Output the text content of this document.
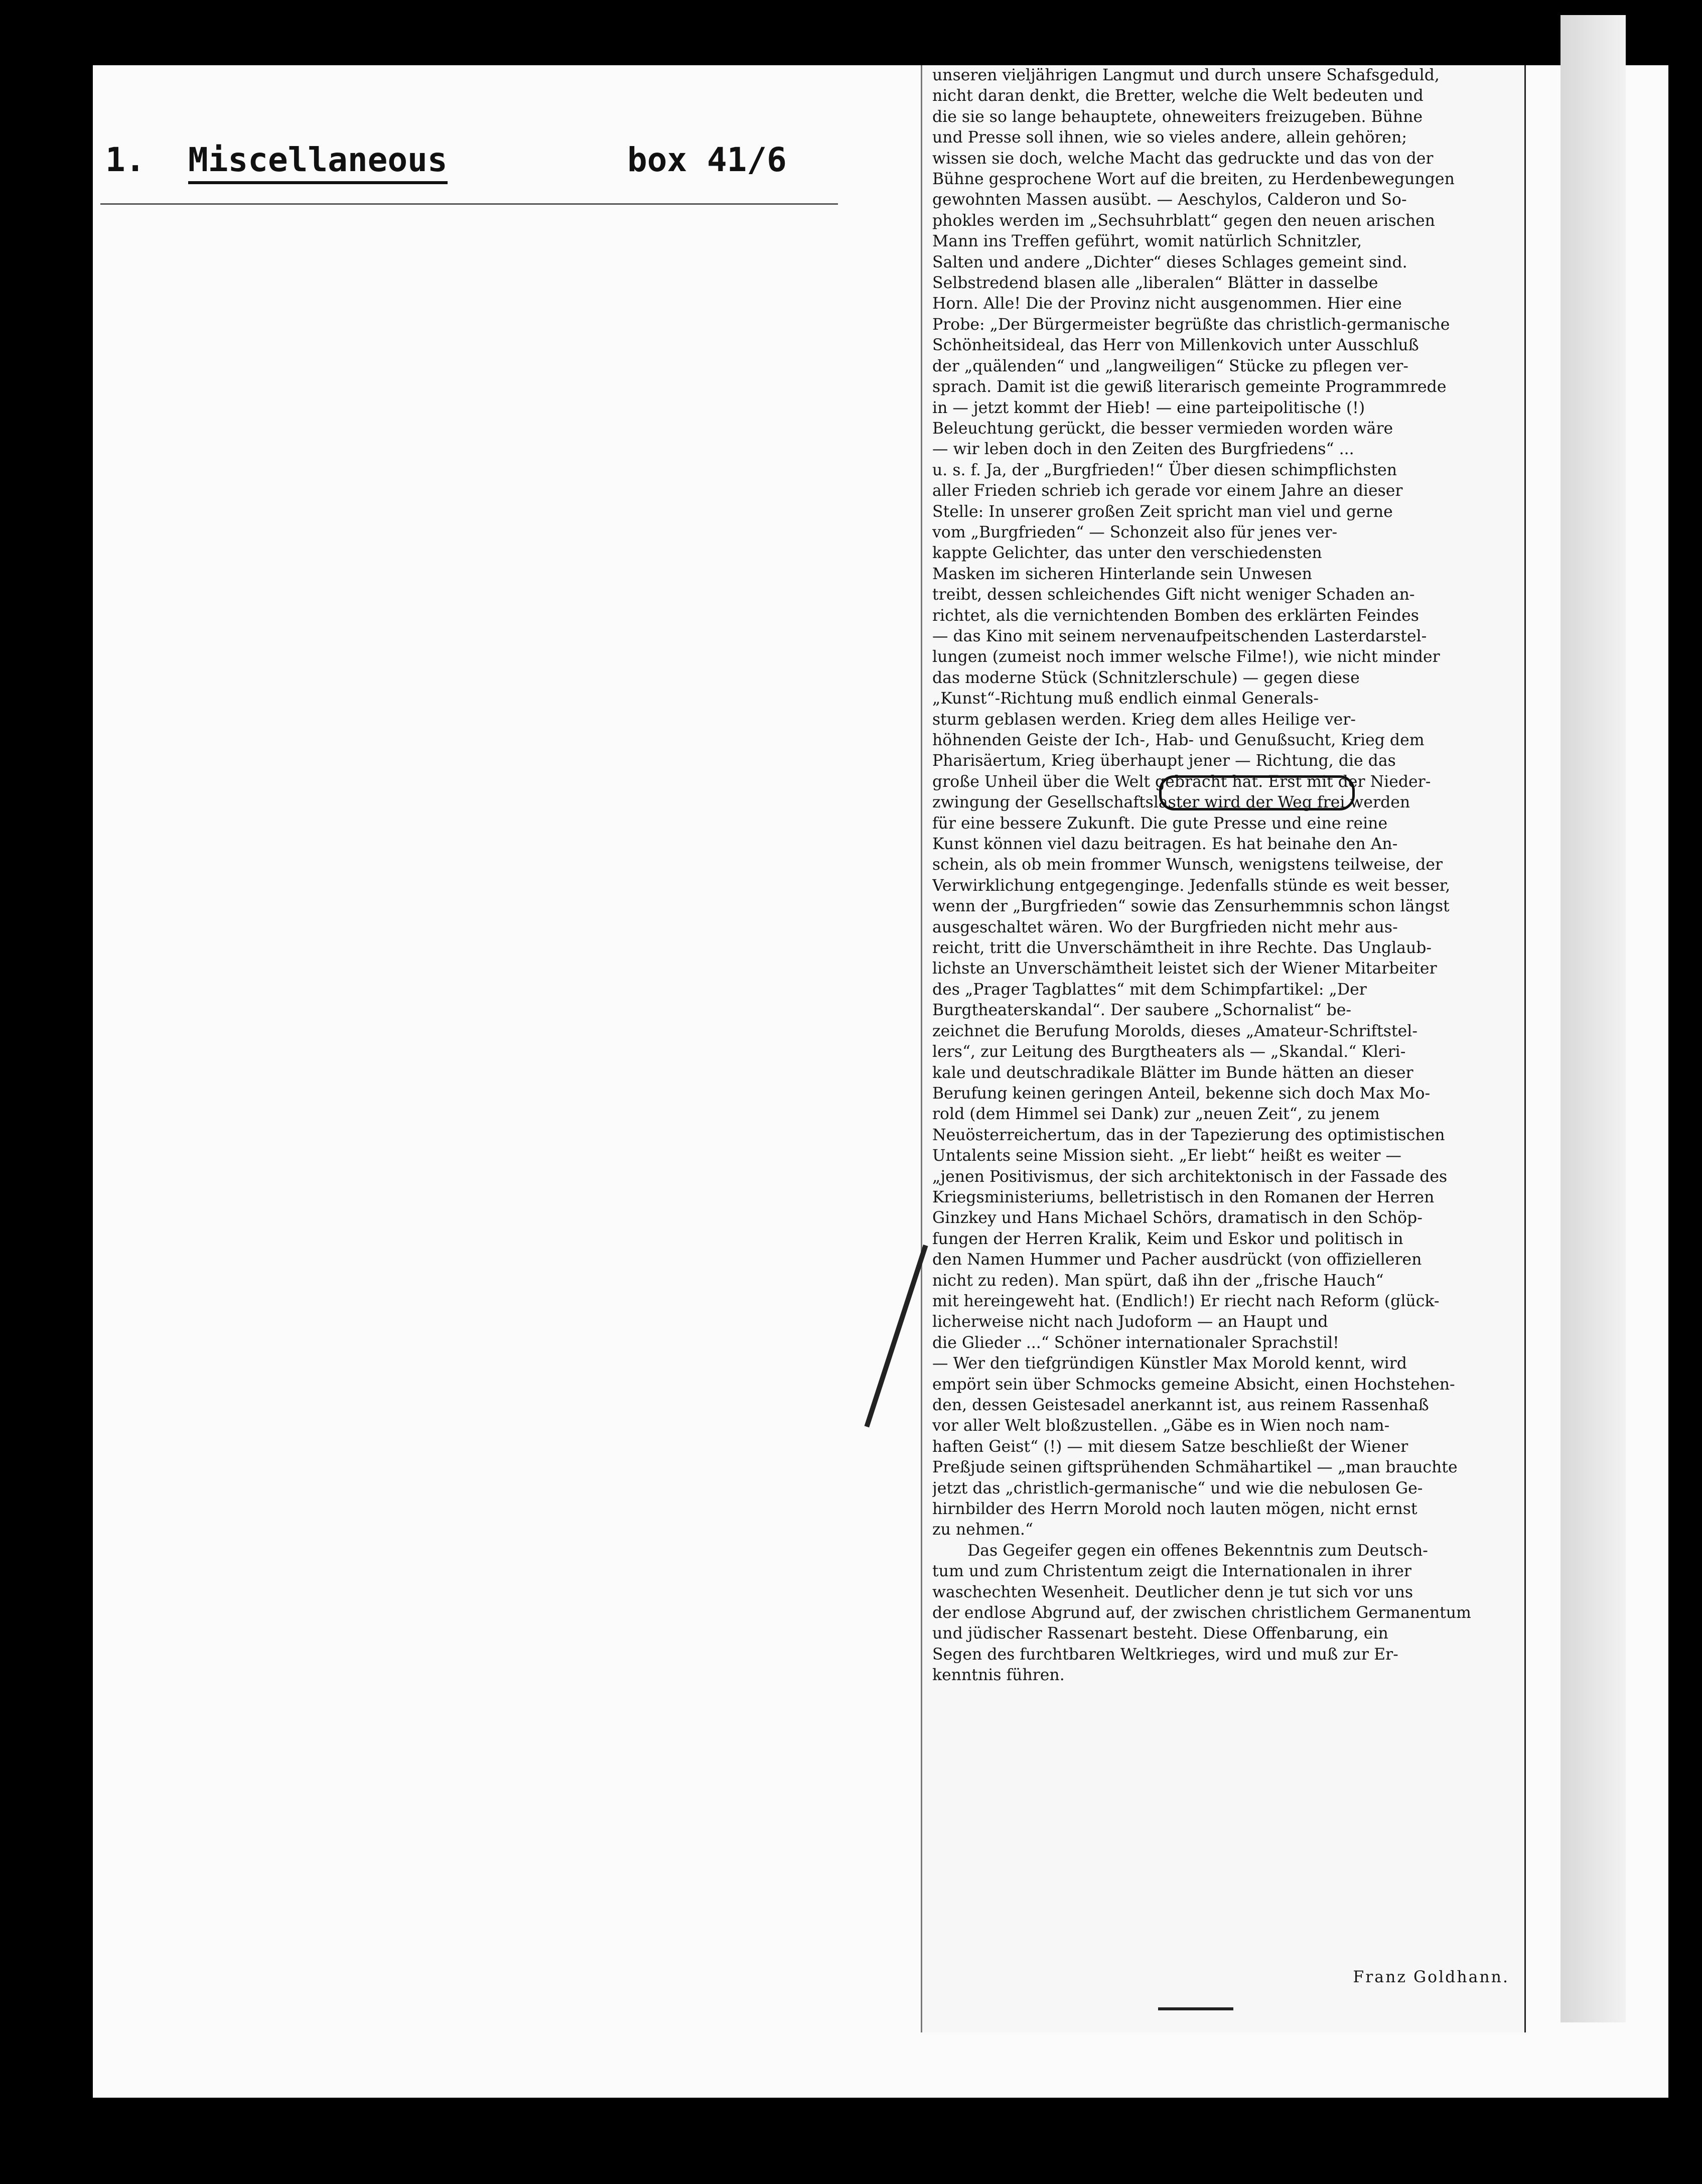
1.

Miscellaneous

	box 41/6

unseren vieljährigen Langmut und durch unsere Schafsgeduld,
nicht daran denkt, die Bretter, welche die Welt bedeuten und
die sie so lange behauptete, ohneweiters freizugeben. Bühne
und Presse soll ihnen, wie so vieles andere, allein gehören;
wissen sie doch, welche Macht das gedruckte und das von der
Bühne gesprochene Wort auf die breiten, zu Herdenbewegungen
gewohnten Massen ausübt. — Aeschylos, Calderon und So-
phokles werden im „Sechsuhrblatt“ gegen den neuen arischen
Mann ins Treffen geführt, womit natürlich Schnitzler,
Salten und andere „Dichter“ dieses Schlages gemeint sind.
Selbstredend blasen alle „liberalen“ Blätter in dasselbe
Horn. Alle! Die der Provinz nicht ausgenommen. Hier eine
Probe: „Der Bürgermeister begrüßte das christlich-germanische
Schönheitsideal, das Herr von Millenkovich unter Ausschluß
der „quälenden“ und „langweiligen“ Stücke zu pflegen ver-
sprach. Damit ist die gewiß literarisch gemeinte Programmrede
in — jetzt kommt der Hieb! — eine parteipolitische (!)
Beleuchtung gerückt, die besser vermieden worden wäre
— wir leben doch in den Zeiten des Burgfriedens“ ...
u. s. f. Ja, der „Burgfrieden!“ Über diesen schimpflichsten
aller Frieden schrieb ich gerade vor einem Jahre an dieser
Stelle: In unserer großen Zeit spricht man viel und gerne
vom „Burgfrieden“ — Schonzeit also für jenes ver-
kappte Gelichter, das unter den verschiedensten
Masken im sicheren Hinterlande sein Unwesen
treibt, dessen schleichendes Gift nicht weniger Schaden an-
richtet, als die vernichtenden Bomben des erklärten Feindes
— das Kino mit seinem nervenaufpeitschenden Lasterdarstel-
lungen (zumeist noch immer welsche Filme!), wie nicht minder
das moderne Stück (Schnitzlerschule) — gegen diese
„Kunst“-Richtung muß endlich einmal Generals-
sturm geblasen werden. Krieg dem alles Heilige ver-
höhnenden Geiste der Ich-, Hab- und Genußsucht, Krieg dem
Pharisäertum, Krieg überhaupt jener — Richtung, die das
große Unheil über die Welt gebracht hat. Erst mit der Nieder-
zwingung der Gesellschaftslaster wird der Weg frei werden
für eine bessere Zukunft. Die gute Presse und eine reine
Kunst können viel dazu beitragen. Es hat beinahe den An-
schein, als ob mein frommer Wunsch, wenigstens teilweise, der
Verwirklichung entgegenginge. Jedenfalls stünde es weit besser,
wenn der „Burgfrieden“ sowie das Zensurhemmnis schon längst
ausgeschaltet wären. Wo der Burgfrieden nicht mehr aus-
reicht, tritt die Unverschämtheit in ihre Rechte. Das Unglaub-
lichste an Unverschämtheit leistet sich der Wiener Mitarbeiter
des „Prager Tagblattes“ mit dem Schimpfartikel: „Der
Burgtheaterskandal“. Der saubere „Schornalist“ be-
zeichnet die Berufung Morolds, dieses „Amateur-Schriftstel-
lers“, zur Leitung des Burgtheaters als — „Skandal.“ Kleri-
kale und deutschradikale Blätter im Bunde hätten an dieser
Berufung keinen geringen Anteil, bekenne sich doch Max Mo-
rold (dem Himmel sei Dank) zur „neuen Zeit“, zu jenem
Neuösterreichertum, das in der Tapezierung des optimistischen
Untalents seine Mission sieht. „Er liebt“ heißt es weiter —
„jenen Positivismus, der sich architektonisch in der Fassade des
Kriegsministeriums, belletristisch in den Romanen der Herren
Ginzkey und Hans Michael Schörs, dramatisch in den Schöp-
fungen der Herren Kralik, Keim und Eskor und politisch in
den Namen Hummer und Pacher ausdrückt (von offizielleren
nicht zu reden). Man spürt, daß ihn der „frische Hauch“
mit hereingeweht hat. (Endlich!) Er riecht nach Reform (glück-
licherweise nicht nach Judoform — an Haupt und
die Glieder ...“ Schöner internationaler Sprachstil!
— Wer den tiefgründigen Künstler Max Morold kennt, wird
empört sein über Schmocks gemeine Absicht, einen Hochstehen-
den, dessen Geistesadel anerkannt ist, aus reinem Rassenhaß
vor aller Welt bloßzustellen. „Gäbe es in Wien noch nam-
haften Geist“ (!) — mit diesem Satze beschließt der Wiener
Preßjude seinen giftsprühenden Schmähartikel — „man brauchte
jetzt das „christlich-germanische“ und wie die nebulosen Ge-
hirnbilder des Herrn Morold noch lauten mögen, nicht ernst
zu nehmen.“
Das Gegeifer gegen ein offenes Bekenntnis zum Deutsch-
tum und zum Christentum zeigt die Internationalen in ihrer
waschechten Wesenheit. Deutlicher denn je tut sich vor uns
der endlose Abgrund auf, der zwischen christlichem Germanentum
und jüdischer Rassenart besteht. Diese Offenbarung, ein
Segen des furchtbaren Weltkrieges, wird und muß zur Er-
kenntnis führen.
Franz Goldhann.
